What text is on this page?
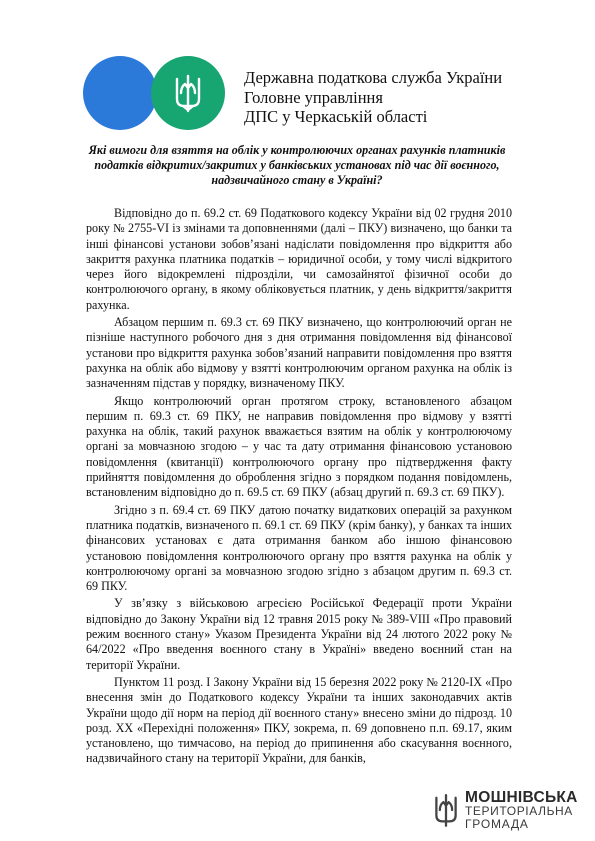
Державна податкова служба України
Головне управління
ДПС у Черкаській області
Які вимоги для взяття на облік у контролюючих органах рахунків платників податків відкритих/закритих у банківських установах під час дії воєнного, надзвичайного стану в Україні?

Відповідно до п. 69.2 ст. 69 Податкового кодексу України від 02 грудня 2010 року № 2755-VI із змінами та доповненнями (далі – ПКУ) визначено, що банки та інші фінансові установи зобов’язані надіслати повідомлення про відкриття або закриття рахунка платника податків – юридичної особи, у тому числі відкритого через його відокремлені підрозділи, чи самозайнятої фізичної особи до контролюючого органу, в якому обліковується платник, у день відкриття/закриття рахунка.

Абзацом першим п. 69.3 ст. 69 ПКУ визначено, що контролюючий орган не пізніше наступного робочого дня з дня отримання повідомлення від фінансової установи про відкриття рахунка зобов’язаний направити повідомлення про взяття рахунка на облік або відмову у взятті контролюючим органом рахунка на облік із зазначенням підстав у порядку, визначеному ПКУ.

Якщо контролюючий орган протягом строку, встановленого абзацом першим п. 69.3 ст. 69 ПКУ, не направив повідомлення про відмову у взятті рахунка на облік, такий рахунок вважається взятим на облік у контролюючому органі за мовчазною згодою – у час та дату отримання фінансовою установою повідомлення (квитанції) контролюючого органу про підтвердження факту прийняття повідомлення до оброблення згідно з порядком подання повідомлень, встановленим відповідно до п. 69.5 ст. 69 ПКУ (абзац другий п. 69.3 ст. 69 ПКУ).

Згідно з п. 69.4 ст. 69 ПКУ датою початку видаткових операцій за рахунком платника податків, визначеного п. 69.1 ст. 69 ПКУ (крім банку), у банках та інших фінансових установах є дата отримання банком або іншою фінансовою установою повідомлення контролюючого органу про взяття рахунка на облік у контролюючому органі за мовчазною згодою згідно з абзацом другим п. 69.3 ст. 69 ПКУ.

У зв’язку з військовою агресією Російської Федерації проти України відповідно до Закону України від 12 травня 2015 року № 389-VIII «Про правовий режим воєнного стану» Указом Президента України від 24 лютого 2022 року № 64/2022 «Про введення воєнного стану в Україні» введено воєнний стан на території України.

Пунктом 11 розд. І Закону України від 15 березня 2022 року № 2120-IX «Про внесення змін до Податкового кодексу України та інших законодавчих актів України щодо дії норм на період дії воєнного стану» внесено зміни до підрозд. 10 розд. XX «Перехідні положення» ПКУ, зокрема, п. 69 доповнено п.п. 69.17, яким установлено, що тимчасово, на період до припинення або скасування воєнного, надзвичайного стану на території України, для банків,

МОШНІВСЬКА
ТЕРИТОРІАЛЬНА
ГРОМАДА
